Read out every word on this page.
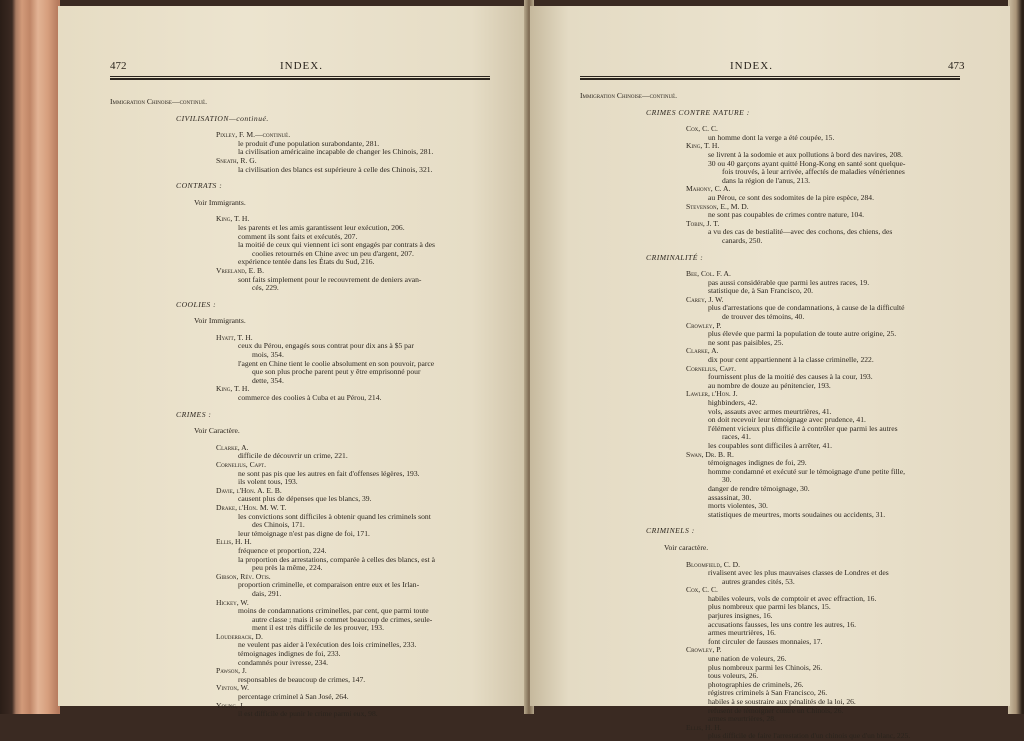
472	INDEX.
Immigration Chinoise—continué.
CIVILISATION—continué.
Pixley, F. M.—continué.
le produit d'une population surabondante, 281.
la civilisation américaine incapable de changer les Chinois, 281.
Sneath, R. G.
la civilisation des blancs est supérieure à celle des Chinois, 321.
CONTRATS :
Voir Immigrants.
King, T. H.
les parents et les amis garantissent leur exécution, 206.
comment ils sont faits et exécutés, 207.
la moitié de ceux qui viennent ici sont engagés par contrats à des
coolies retournés en Chine avec un peu d'argent, 207.
expérience tentée dans les États du Sud, 216.
Vreeland, E. B.
sont faits simplement pour le recouvrement de deniers avan-
cés, 229.
COOLIES :
Voir Immigrants.
Hyatt, T. H.
ceux du Pérou, engagés sous contrat pour dix ans à $5 par
mois, 354.
l'agent en Chine tient le coolie absolument en son pouvoir, parce
que son plus proche parent peut y être emprisonné pour
dette, 354.
King, T. H.
commerce des coolies à Cuba et au Pérou, 214.
CRIMES :
Voir Caractère.
Clarke, A.
difficile de découvrir un crime, 221.
Cornelius, Capt.
ne sont pas pis que les autres en fait d'offenses légères, 193.
ils volent tous, 193.
Davie, l'Hon. A. E. B.
causent plus de dépenses que les blancs, 39.
Drake, l'Hon. M. W. T.
les convictions sont difficiles à obtenir quand les criminels sont
des Chinois, 171.
leur témoignage n'est pas digne de foi, 171.
Ellis, H. H.
fréquence et proportion, 224.
la proportion des arrestations, comparée à celles des blancs, est à
peu près la même, 224.
Gibson, Rév. Otis.
proportion criminelle, et comparaison entre eux et les Irlan-
dais, 291.
Hickey, W.
moins de condamnations criminelles, par cent, que parmi toute
autre classe ; mais il se commet beaucoup de crimes, seule-
ment il est très difficile de les prouver, 193.
Louderback, D.
ne veulent pas aider à l'exécution des lois criminelles, 233.
témoignages indignes de foi, 233.
condamnés pour ivresse, 234.
Pawson, J.
responsables de beaucoup de crimes, 147.
Vinton, W.
percentage criminel à San José, 264.
Young, J.
il est difficile de punir le crime parmi eux, 98.
INDEX.	473
Immigration Chinoise—continué.
CRIMES CONTRE NATURE :
Cox, C. C.
un homme dont la verge a été coupée, 15.
King, T. H.
se livrent à la sodomie et aux pollutions à bord des navires, 208.
30 ou 40 garçons ayant quitté Hong-Kong en santé sont quelque-
fois trouvés, à leur arrivée, affectés de maladies vénériennes
dans la région de l'anus, 213.
Mahony, C. A.
au Pérou, ce sont des sodomites de la pire espèce, 284.
Stevenson, E., M. D.
ne sont pas coupables de crimes contre nature, 104.
Tobin, J. T.
a vu des cas de bestialité—avec des cochons, des chiens, des
canards, 250.
CRIMINALITÉ :
Bee, Col. F. A.
pas aussi considérable que parmi les autres races, 19.
statistique de, à San Francisco, 20.
Carey, J. W.
plus d'arrestations que de condamnations, à cause de la difficulté
de trouver des témoins, 40.
Crowley, P.
plus élevée que parmi la population de toute autre origine, 25.
ne sont pas paisibles, 25.
Clarke, A.
dix pour cent appartiennent à la classe criminelle, 222.
Cornelius, Capt.
fournissent plus de la moitié des causes à la cour, 193.
au nombre de douze au pénitencier, 193.
Lawler, l'Hon. J.
highbinders, 42.
vols, assauts avec armes meurtrières, 41.
on doit recevoir leur témoignage avec prudence, 41.
l'élément vicieux plus difficile à contrôler que parmi les autres
races, 41.
les coupables sont difficiles à arrêter, 41.
Swan, Dr. B. R.
témoignages indignes de foi, 29.
homme condamné et exécuté sur le témoignage d'une petite fille,
30.
danger de rendre témoignage, 30.
assassinat, 30.
morts violentes, 30.
statistiques de meurtres, morts soudaines ou accidents, 31.
CRIMINELS :
Voir caractère.
Bloomfield, C. D.
rivalisent avec les plus mauvaises classes de Londres et des
autres grandes cités, 53.
Cox, C. C.
habiles voleurs, vols de comptoir et avec effraction, 16.
plus nombreux que parmi les blancs, 15.
parjures insignes, 16.
accusations fausses, les uns contre les autres, 16.
armes meurtrières, 16.
font circuler de fausses monnaies, 17.
Crowley, P.
une nation de voleurs, 26.
plus nombreux parmi les Chinois, 26.
tous voleurs, 26.
photographies de criminels, 26.
régistres criminels à San Francisco, 26.
habiles à se soustraire aux pénalités de la loi, 26.
refusent de témoigner contre un Chinois, 26.
armes meurtrières, 28.
Ellis, H. H.
plus difficile de faire l'arrestation d'un chinois que d'un blanc, 225.
